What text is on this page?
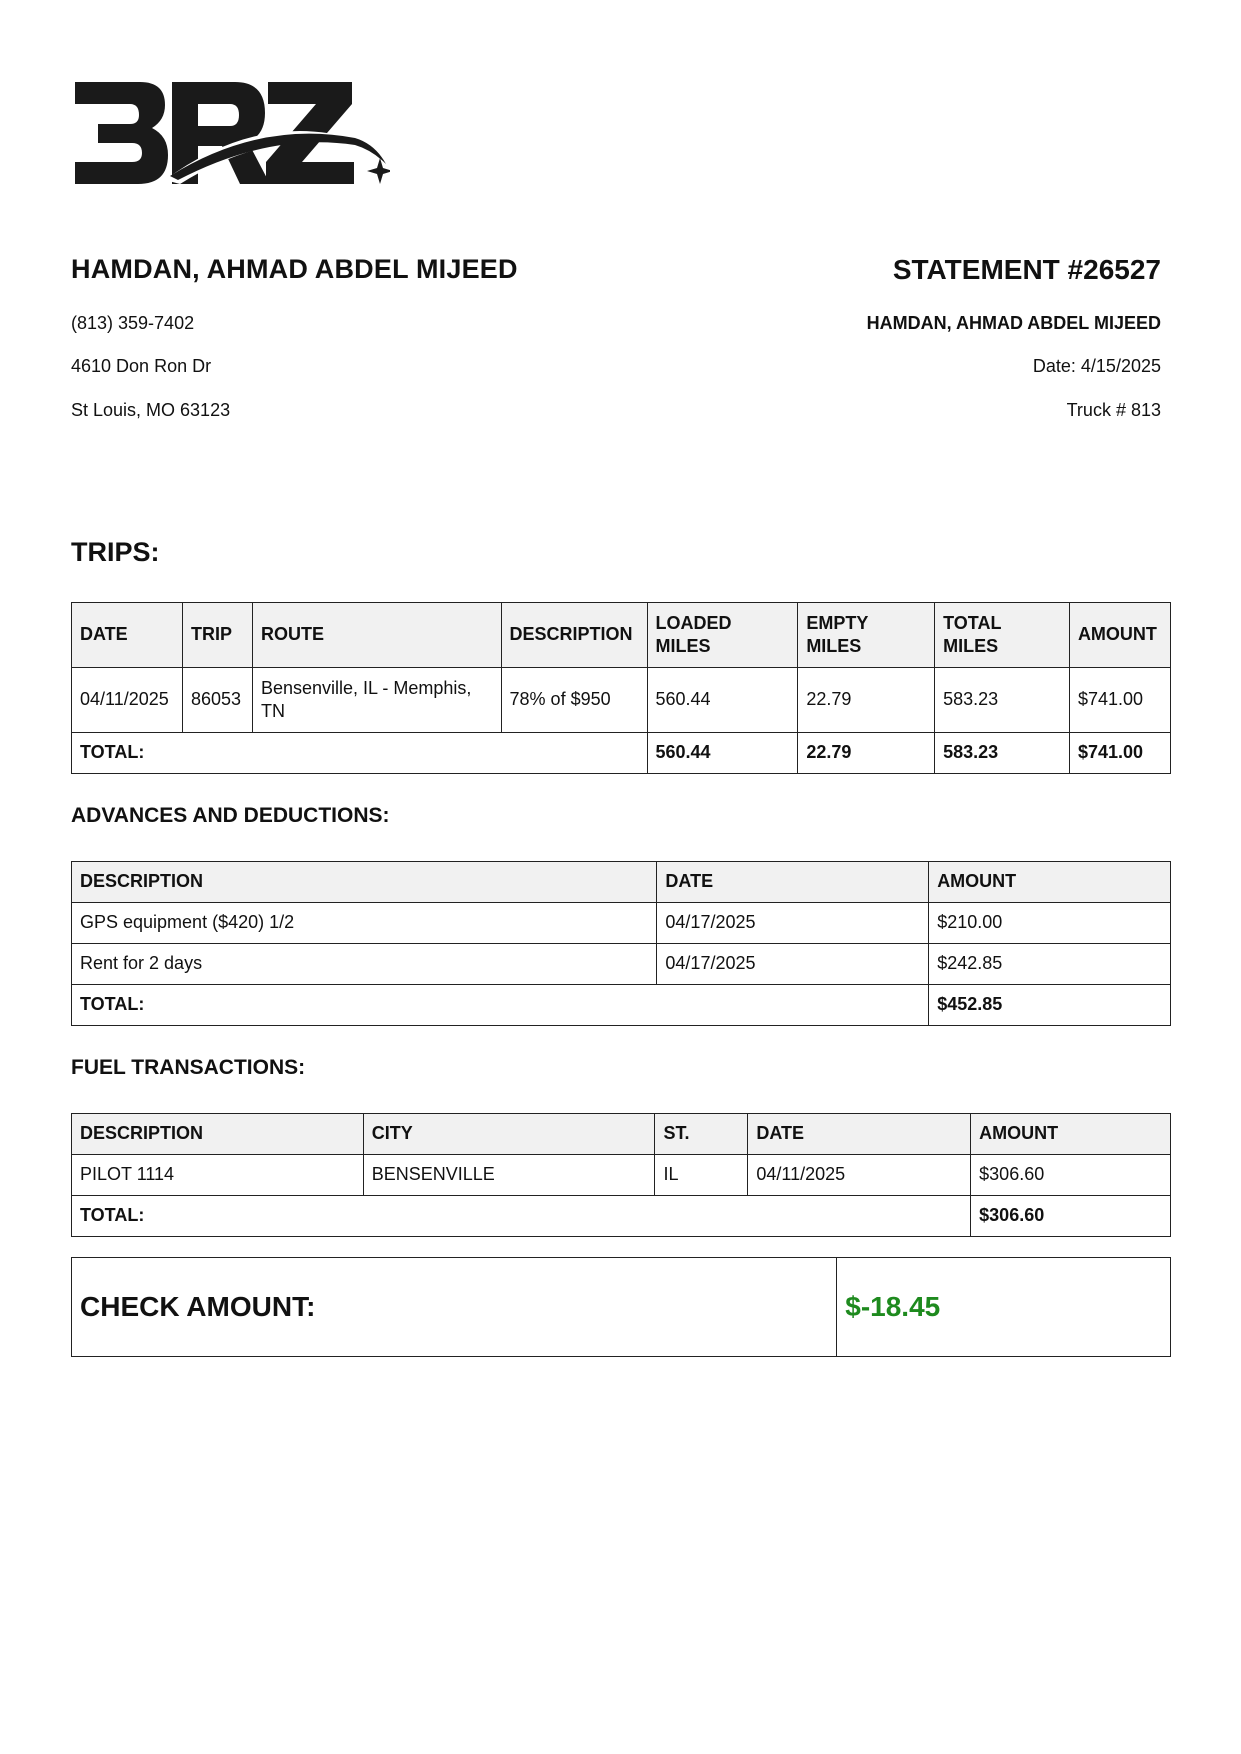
HAMDAN, AHMAD ABDEL MIJEED
(813) 359-7402
4610 Don Ron Dr
St Louis, MO 63123
STATEMENT #26527
HAMDAN, AHMAD ABDEL MIJEED
Date: 4/15/2025
Truck # 813
TRIPS:
DATE	TRIP	ROUTE	DESCRIPTION	LOADED MILES	EMPTY MILES	TOTAL MILES	AMOUNT
04/11/2025	86053	Bensenville, IL - Memphis, TN	78% of $950	560.44	22.79	583.23	$741.00
TOTAL:				560.44	22.79	583.23	$741.00
ADVANCES AND DEDUCTIONS:
DESCRIPTION	DATE	AMOUNT
GPS equipment ($420) 1/2	04/17/2025	$210.00
Rent for 2 days	04/17/2025	$242.85
TOTAL:		$452.85
FUEL TRANSACTIONS:
DESCRIPTION	CITY	ST.	DATE	AMOUNT
PILOT 1114	BENSENVILLE	IL	04/11/2025	$306.60
TOTAL:				$306.60
CHECK AMOUNT:	$-18.45
